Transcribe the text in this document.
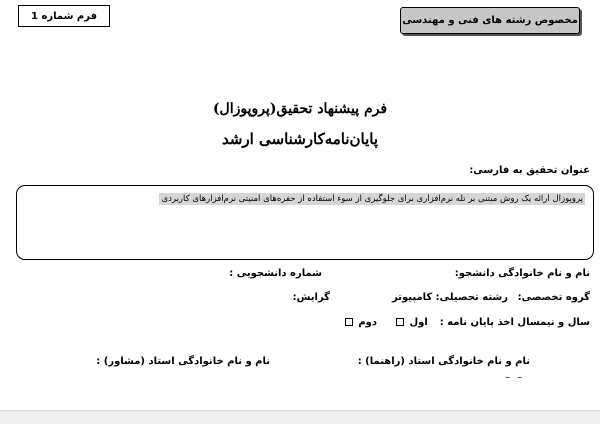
فرم شماره 1	مخصوص رشته های فنی و مهندسی
فرم پیشنهاد تحقیق(پروپوزال)
پایان‌نامه‌کارشناسی ارشد
عنوان تحقیق به فارسی:
پروپوزال ارائه یک روش مبتنی بر تله نرم‌افزاری برای جلوگیری از سوء استفاده از حفره‌های امنیتی نرم‌افزارهای کاربردی
نام و نام خانوادگی دانشجو:
شماره دانشجویی :
گروه تخصصی:
رشته تحصیلی: کامپیوتر
گرایش:
سال و نیمسال اخذ پایان نامه :  اول   دوم
نام و نام خانوادگی استاد (راهنما) :
نام و نام خانوادگی استاد (مشاور) :
– –
